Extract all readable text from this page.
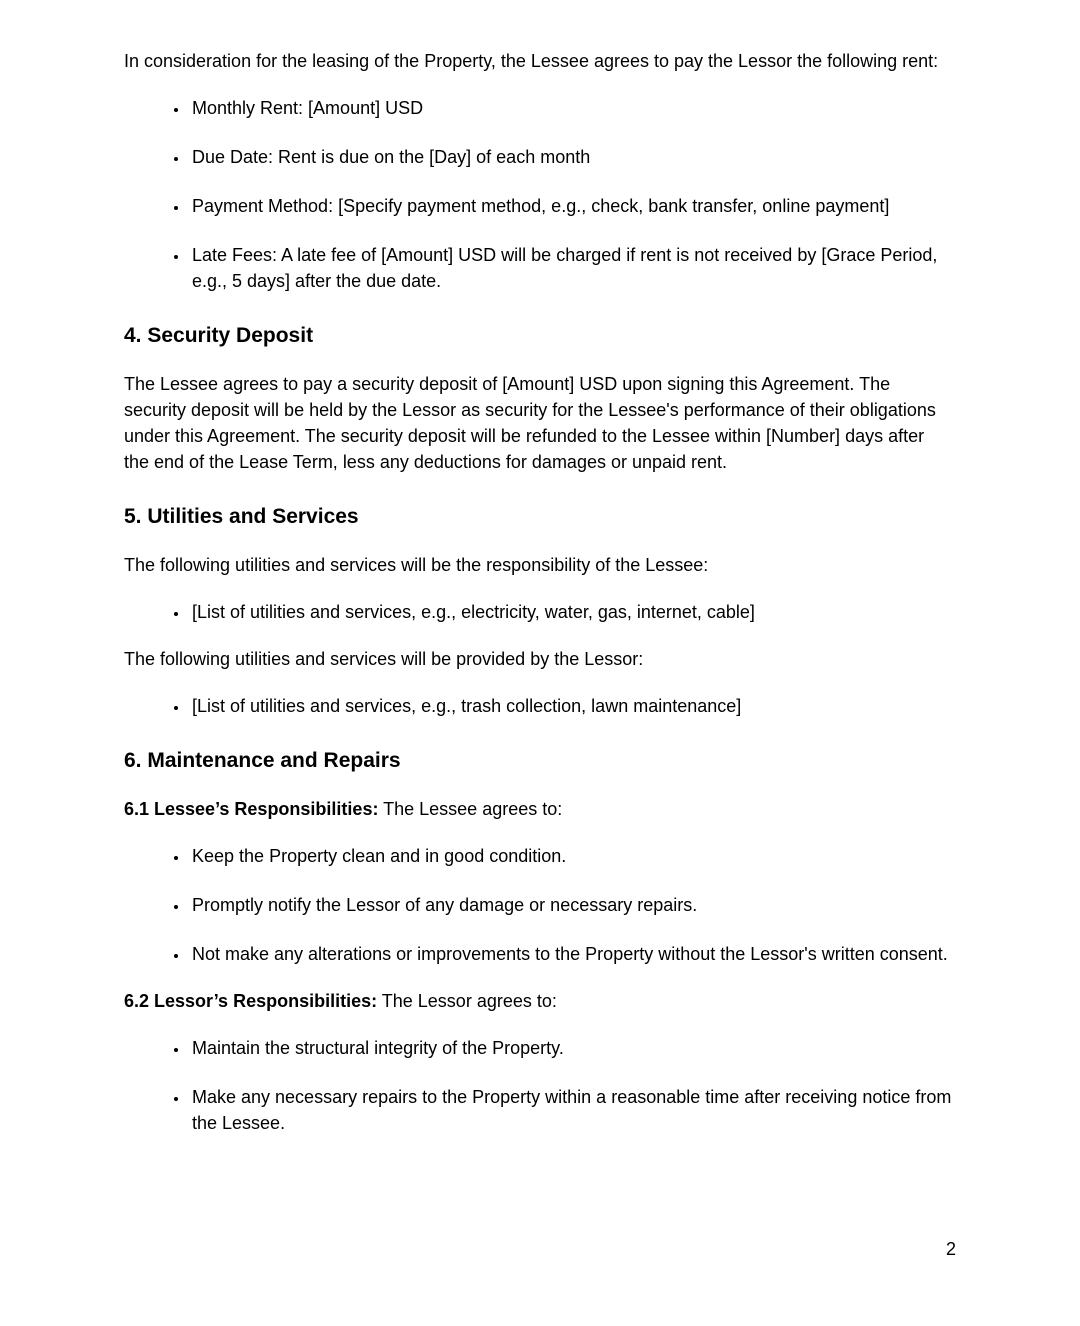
In consideration for the leasing of the Property, the Lessee agrees to pay the Lessor the following rent:

• Monthly Rent: [Amount] USD
• Due Date: Rent is due on the [Day] of each month
• Payment Method: [Specify payment method, e.g., check, bank transfer, online payment]
• Late Fees: A late fee of [Amount] USD will be charged if rent is not received by [Grace Period, e.g., 5 days] after the due date.
4. Security Deposit

The Lessee agrees to pay a security deposit of [Amount] USD upon signing this Agreement. The security deposit will be held by the Lessor as security for the Lessee's performance of their obligations under this Agreement. The security deposit will be refunded to the Lessee within [Number] days after the end of the Lease Term, less any deductions for damages or unpaid rent.

5. Utilities and Services

The following utilities and services will be the responsibility of the Lessee:

• [List of utilities and services, e.g., electricity, water, gas, internet, cable]

The following utilities and services will be provided by the Lessor:

• [List of utilities and services, e.g., trash collection, lawn maintenance]
6. Maintenance and Repairs

6.1 Lessee’s Responsibilities: The Lessee agrees to:

• Keep the Property clean and in good condition.
• Promptly notify the Lessor of any damage or necessary repairs.
• Not make any alterations or improvements to the Property without the Lessor's written consent.

6.2 Lessor’s Responsibilities: The Lessor agrees to:

• Maintain the structural integrity of the Property.
• Make any necessary repairs to the Property within a reasonable time after receiving notice from the Lessee.
2
